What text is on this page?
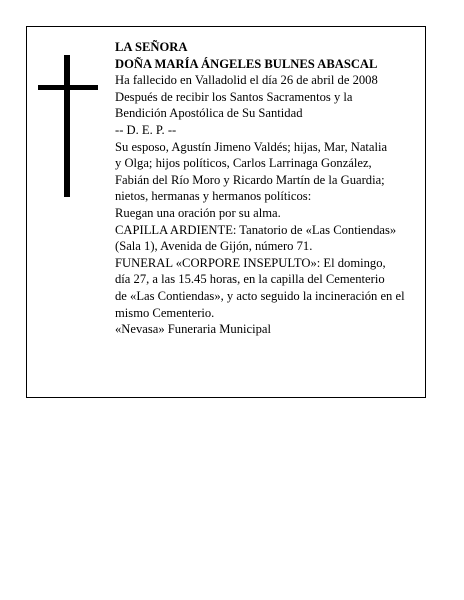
LA SEÑORA
DOÑA MARÍA ÁNGELES BULNES ABASCAL
Ha fallecido en Valladolid el día 26 de abril de 2008
Después de recibir los Santos Sacramentos y la
Bendición Apostólica de Su Santidad
-- D. E. P. --
Su esposo, Agustín Jimeno Valdés; hijas, Mar, Natalia
y Olga; hijos políticos, Carlos Larrinaga González,
Fabián del Río Moro y Ricardo Martín de la Guardia;
nietos, hermanas y hermanos políticos:
Ruegan una oración por su alma.
CAPILLA ARDIENTE: Tanatorio de «Las Contiendas»
(Sala 1), Avenida de Gijón, número 71.
FUNERAL «CORPORE INSEPULTO»: El domingo,
día 27, a las 15.45 horas, en la capilla del Cementerio
de «Las Contiendas», y acto seguido la incineración en el
mismo Cementerio.
«Nevasa» Funeraria Municipal
